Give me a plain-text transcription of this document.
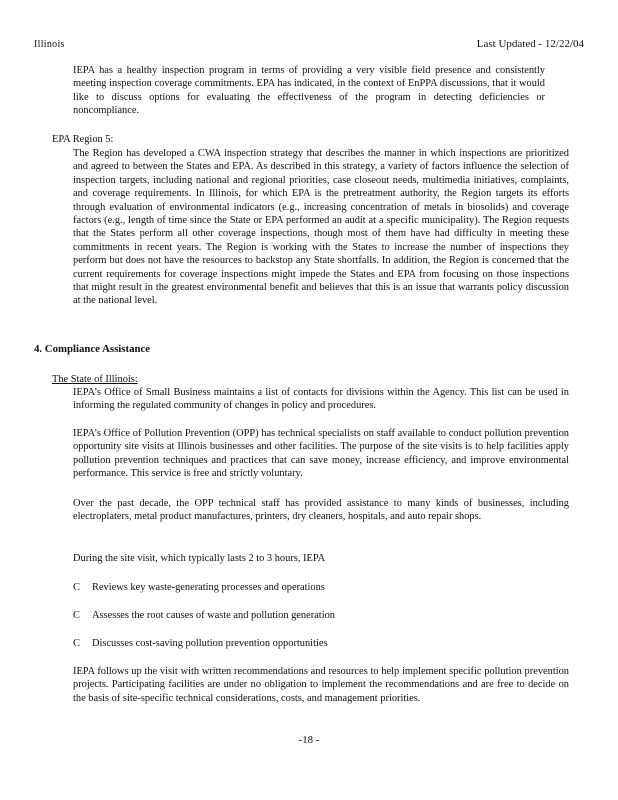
Illinois	Last Updated - 12/22/04

IEPA has a healthy inspection program in terms of providing a very visible field presence and consistently meeting inspection coverage commitments. EPA has indicated, in the context of EnPPA discussions, that it would like to discuss options for evaluating the effectiveness of the program in detecting deficiencies or noncompliance.

EPA Region 5:

The Region has developed a CWA inspection strategy that describes the manner in which inspections are prioritized and agreed to between the States and EPA. As described in this strategy, a variety of factors influence the selection of inspection targets, including national and regional priorities, case closeout needs, multimedia initiatives, complaints, and coverage requirements. In Illinois, for which EPA is the pretreatment authority, the Region targets its efforts through evaluation of environmental indicators (e.g., increasing concentration of metals in biosolids) and coverage factors (e.g., length of time since the State or EPA performed an audit at a specific municipality). The Region requests that the States perform all other coverage inspections, though most of them have had difficulty in meeting these commitments in recent years. The Region is working with the States to increase the number of inspections they perform but does not have the resources to backstop any State shortfalls. In addition, the Region is concerned that the current requirements for coverage inspections might impede the States and EPA from focusing on those inspections that might result in the greatest environmental benefit and believes that this is an issue that warrants policy discussion at the national level.

4. Compliance Assistance

The State of Illinois:

IEPA’s Office of Small Business maintains a list of contacts for divisions within the Agency. This list can be used in informing the regulated community of changes in policy and procedures.

IEPA’s Office of Pollution Prevention (OPP) has technical specialists on staff available to conduct pollution prevention opportunity site visits at Illinois businesses and other facilities. The purpose of the site visits is to help facilities apply pollution prevention techniques and practices that can save money, increase efficiency, and improve environmental performance. This service is free and strictly voluntary.

Over the past decade, the OPP technical staff has provided assistance to many kinds of businesses, including electroplaters, metal product manufactures, printers, dry cleaners, hospitals, and auto repair shops.

During the site visit, which typically lasts 2 to 3 hours, IEPA

C Reviews key waste-generating processes and operations

C Assesses the root causes of waste and pollution generation

C Discusses cost-saving pollution prevention opportunities

IEPA follows up the visit with written recommendations and resources to help implement specific pollution prevention projects. Participating facilities are under no obligation to implement the recommendations and are free to decide on the basis of site-specific technical considerations, costs, and management priorities.

-18 -
